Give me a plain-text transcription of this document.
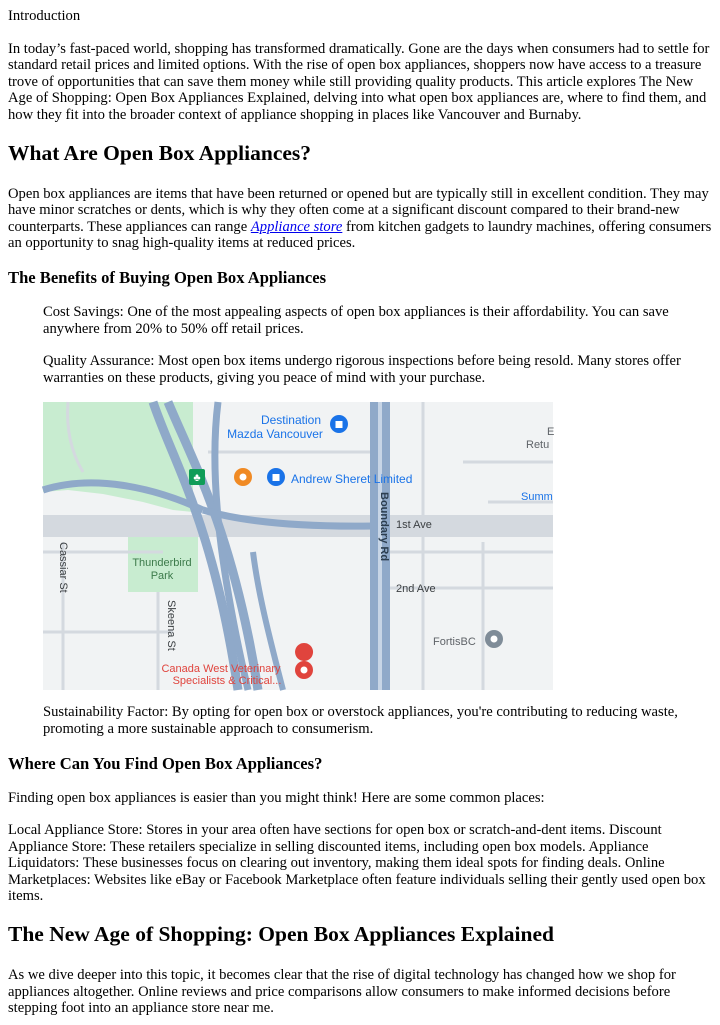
Introduction

In today’s fast-paced world, shopping has transformed dramatically. Gone are the days when consumers had to settle for standard retail prices and limited options. With the rise of open box appliances, shoppers now have access to a treasure trove of opportunities that can save them money while still providing quality products. This article explores The New Age of Shopping: Open Box Appliances Explained, delving into what open box appliances are, where to find them, and how they fit into the broader context of appliance shopping in places like Vancouver and Burnaby.

What Are Open Box Appliances?

Open box appliances are items that have been returned or opened but are typically still in excellent condition. They may have minor scratches or dents, which is why they often come at a significant discount compared to their brand-new counterparts. These appliances can range Appliance store from kitchen gadgets to laundry machines, offering consumers an opportunity to snag high-quality items at reduced prices.

The Benefits of Buying Open Box Appliances

Cost Savings: One of the most appealing aspects of open box appliances is their affordability. You can save anywhere from 20% to 50% off retail prices.

Quality Assurance: Most open box items undergo rigorous inspections before being resold. Many stores offer warranties on these products, giving you peace of mind with your purchase.

♣
Destination
Mazda Vancouver
Andrew Sheret Limited
1st Ave
2nd Ave
Boundary Rd
Cassiar St
Skeena St
Thunderbird
Park
FortisBC
Canada West Veterinary
Specialists & Critical...
E
Retu
Summ

Sustainability Factor: By opting for open box or overstock appliances, you're contributing to reducing waste, promoting a more sustainable approach to consumerism.

Where Can You Find Open Box Appliances?

Finding open box appliances is easier than you might think! Here are some common places:

Local Appliance Store: Stores in your area often have sections for open box or scratch-and-dent items. Discount Appliance Store: These retailers specialize in selling discounted items, including open box models. Appliance Liquidators: These businesses focus on clearing out inventory, making them ideal spots for finding deals. Online Marketplaces: Websites like eBay or Facebook Marketplace often feature individuals selling their gently used open box items.

The New Age of Shopping: Open Box Appliances Explained

As we dive deeper into this topic, it becomes clear that the rise of digital technology has changed how we shop for appliances altogether. Online reviews and price comparisons allow consumers to make informed decisions before stepping foot into an appliance store near me.
